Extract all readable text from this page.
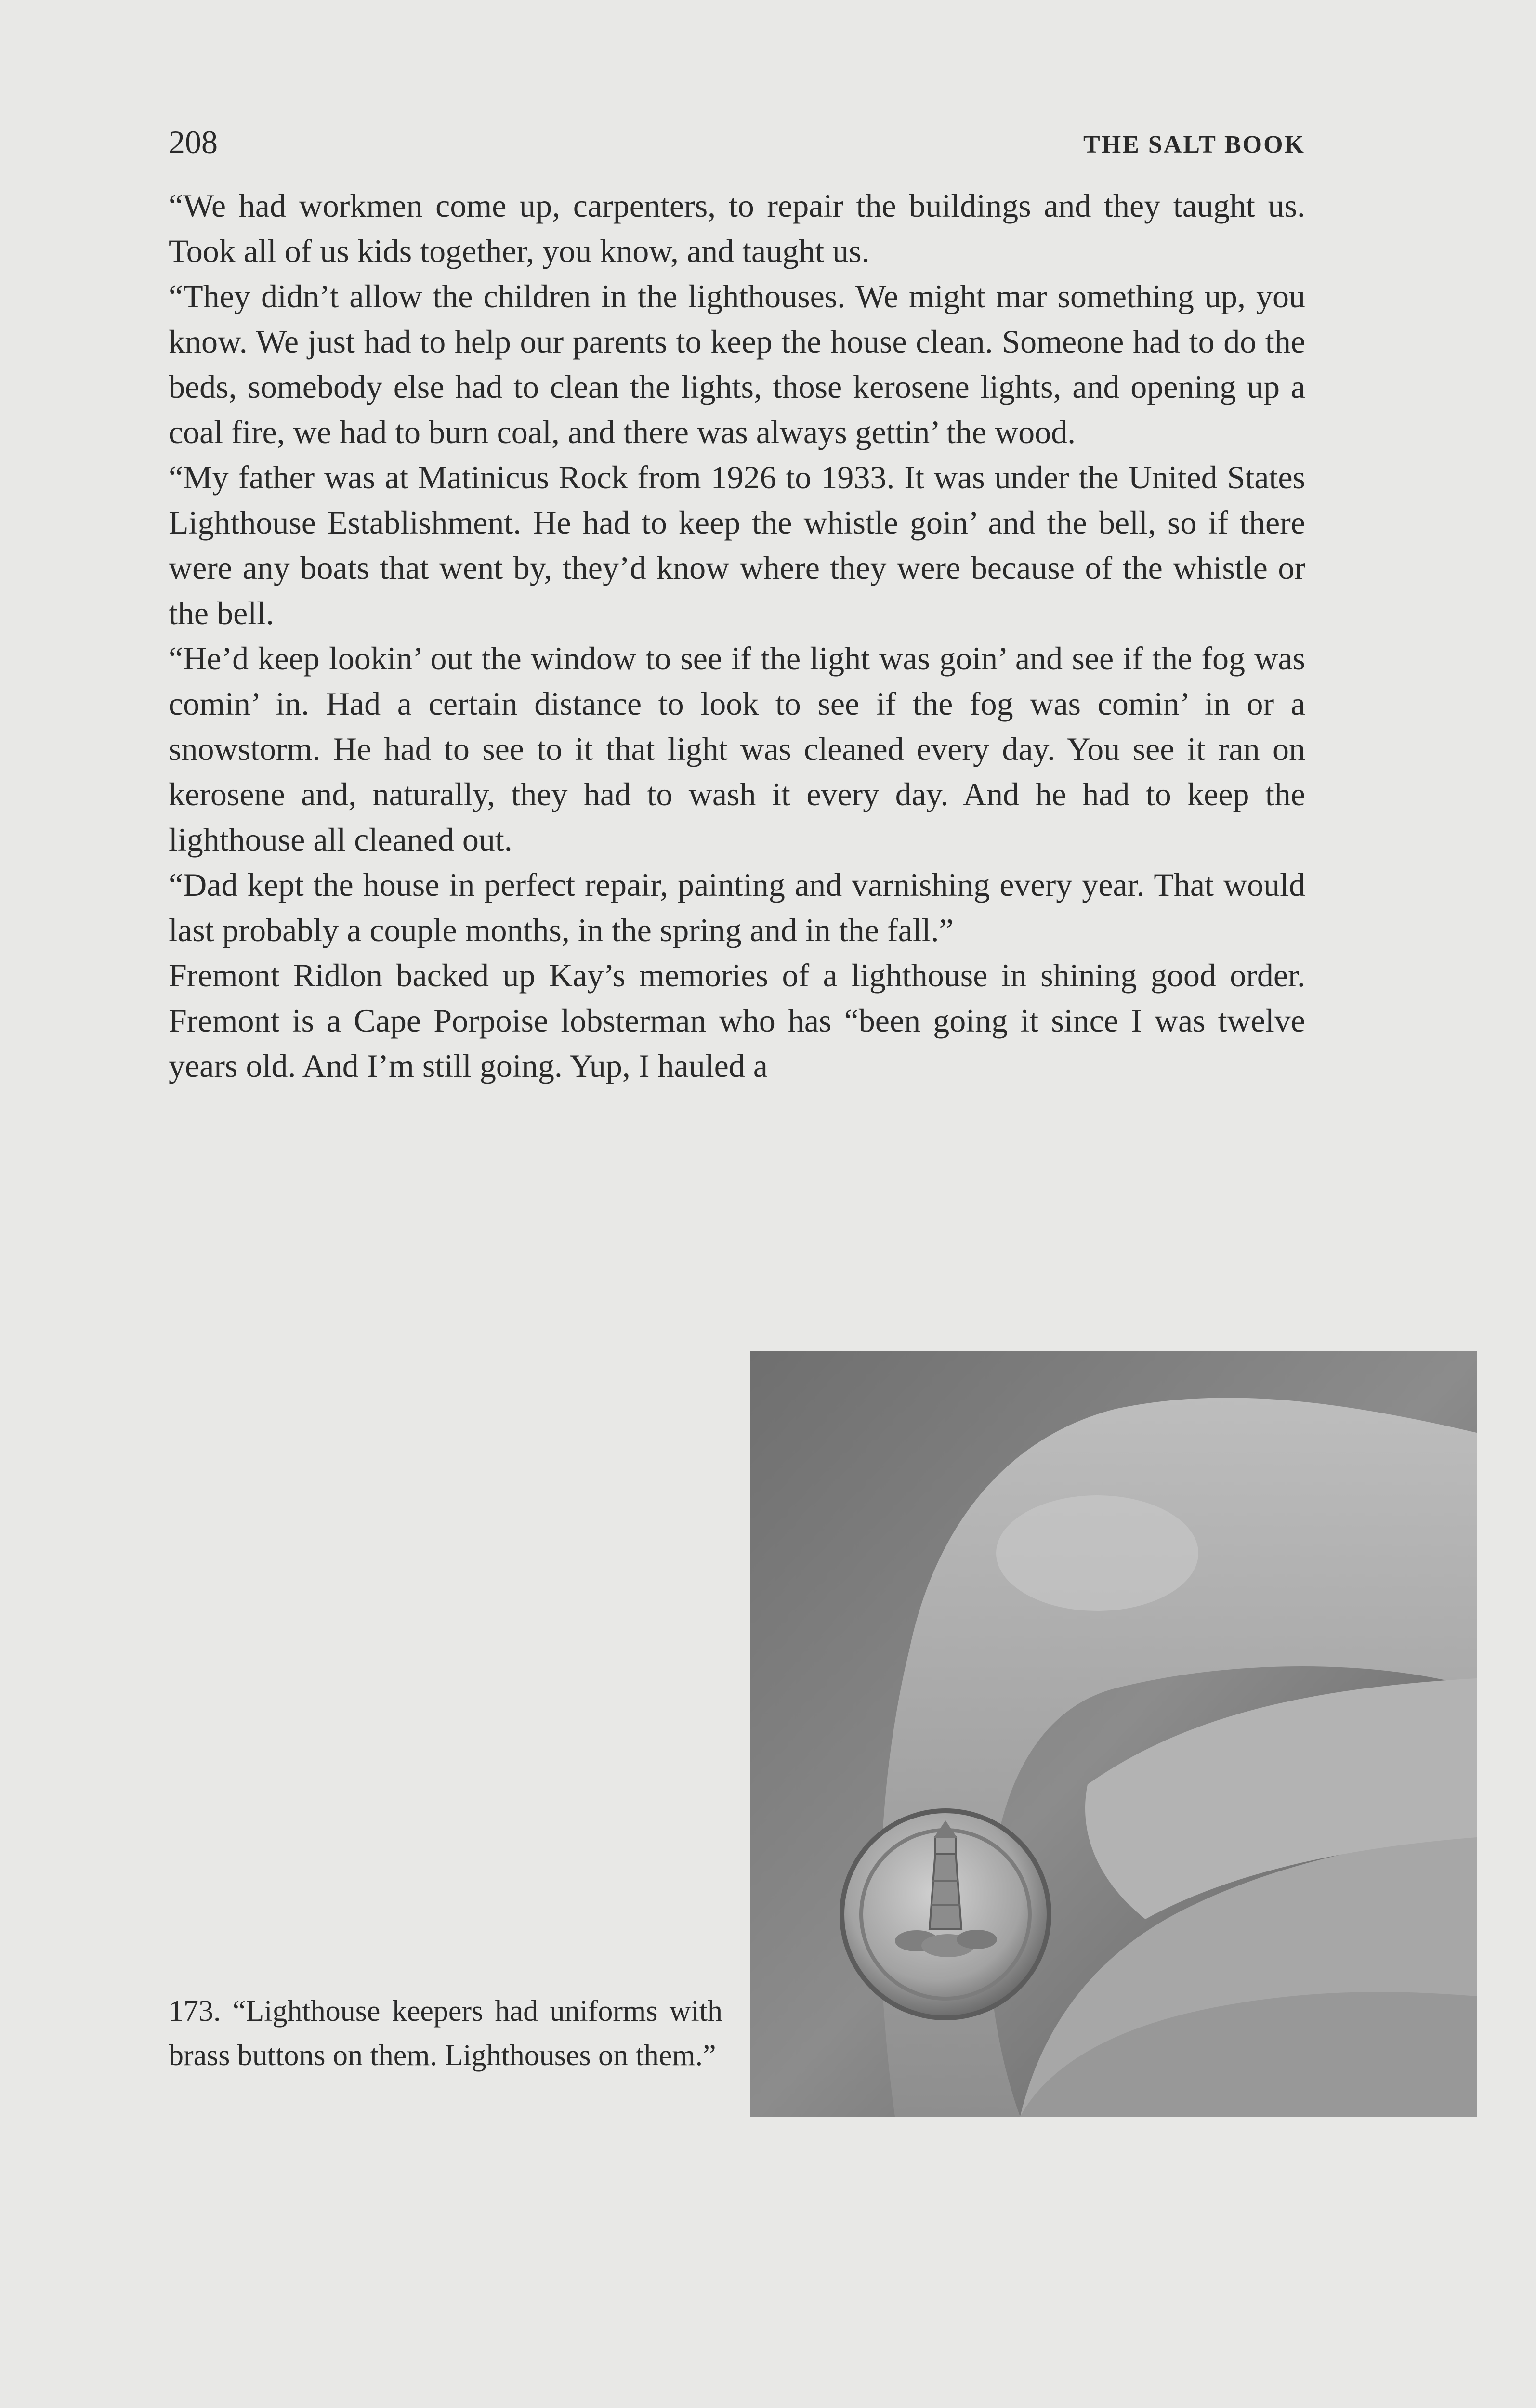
208	THE SALT BOOK

“We had workmen come up, carpenters, to repair the buildings and they taught us. Took all of us kids together, you know, and taught us.

“They didn’t allow the children in the lighthouses. We might mar something up, you know. We just had to help our parents to keep the house clean. Someone had to do the beds, somebody else had to clean the lights, those kerosene lights, and opening up a coal fire, we had to burn coal, and there was always gettin’ the wood.

“My father was at Matinicus Rock from 1926 to 1933. It was under the United States Lighthouse Establishment. He had to keep the whistle goin’ and the bell, so if there were any boats that went by, they’d know where they were because of the whistle or the bell.

“He’d keep lookin’ out the window to see if the light was goin’ and see if the fog was comin’ in. Had a certain distance to look to see if the fog was comin’ in or a snowstorm. He had to see to it that light was cleaned every day. You see it ran on kerosene and, naturally, they had to wash it every day. And he had to keep the lighthouse all cleaned out.

“Dad kept the house in perfect repair, painting and varnishing every year. That would last probably a couple months, in the spring and in the fall.”

Fremont Ridlon backed up Kay’s memories of a lighthouse in shining good order. Fremont is a Cape Porpoise lobsterman who has “been going it since I was twelve years old. And I’m still going. Yup, I hauled a

173. “Lighthouse keepers had uniforms with brass buttons on them. Lighthouses on them.”
